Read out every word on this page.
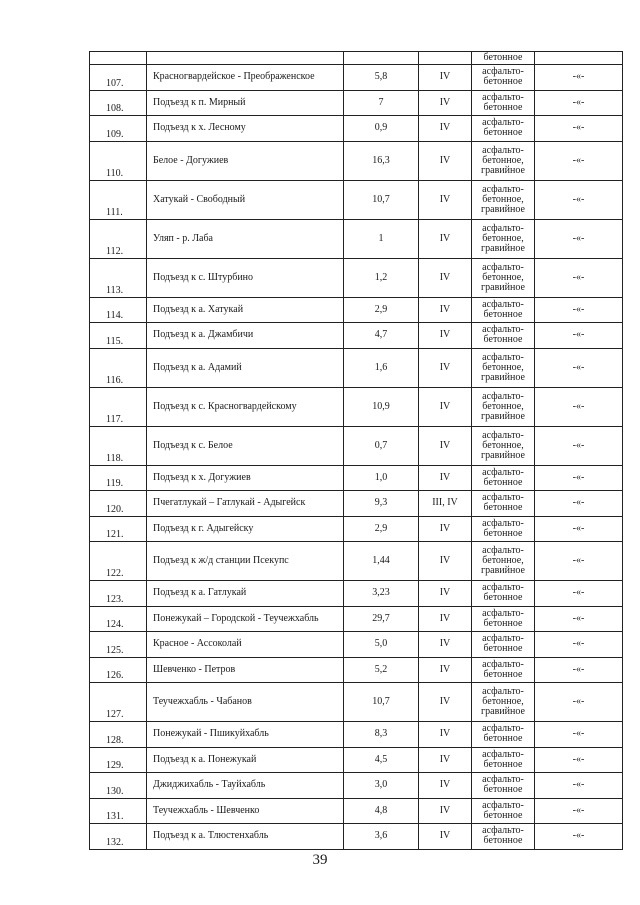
				бетонное	
107.	Красногвардейское - Преображенское	5,8	IV	асфальто-
бетонное	-«-
108.	Подъезд к п. Мирный	7	IV	асфальто-
бетонное	-«-
109.	Подъезд к х. Лесному	0,9	IV	асфальто-
бетонное	-«-
110.	Белое - Догужиев	16,3	IV	асфальто-
бетонное,
гравийное	-«-
111.	Хатукай - Свободный	10,7	IV	асфальто-
бетонное,
гравийное	-«-
112.	Уляп - р. Лаба	1	IV	асфальто-
бетонное,
гравийное	-«-
113.	Подъезд к с. Штурбино	1,2	IV	асфальто-
бетонное,
гравийное	-«-
114.	Подъезд к а. Хатукай	2,9	IV	асфальто-
бетонное	-«-
115.	Подъезд к а. Джамбичи	4,7	IV	асфальто-
бетонное	-«-
116.	Подъезд к а. Адамий	1,6	IV	асфальто-
бетонное,
гравийное	-«-
117.	Подъезд к с. Красногвардейскому	10,9	IV	асфальто-
бетонное,
гравийное	-«-
118.	Подъезд к с. Белое	0,7	IV	асфальто-
бетонное,
гравийное	-«-
119.	Подъезд к х. Догужиев	1,0	IV	асфальто-
бетонное	-«-
120.	Пчегатлукай – Гатлукай - Адыгейск	9,3	III, IV	асфальто-
бетонное	-«-
121.	Подъезд к г. Адыгейску	2,9	IV	асфальто-
бетонное	-«-
122.	Подъезд к ж/д станции Псекупс	1,44	IV	асфальто-
бетонное,
гравийное	-«-
123.	Подъезд к а. Гатлукай	3,23	IV	асфальто-
бетонное	-«-
124.	Понежукай – Городской - Теучежхабль	29,7	IV	асфальто-
бетонное	-«-
125.	Красное - Ассоколай	5,0	IV	асфальто-
бетонное	-«-
126.	Шевченко - Петров	5,2	IV	асфальто-
бетонное	-«-
127.	Теучежхабль - Чабанов	10,7	IV	асфальто-
бетонное,
гравийное	-«-
128.	Понежукай - Пшикуйхабль	8,3	IV	асфальто-
бетонное	-«-
129.	Подъезд к а. Понежукай	4,5	IV	асфальто-
бетонное	-«-
130.	Джиджихабль - Тауйхабль	3,0	IV	асфальто-
бетонное	-«-
131.	Теучежхабль - Шевченко	4,8	IV	асфальто-
бетонное	-«-
132.	Подъезд к а. Тлюстенхабль	3,6	IV	асфальто-
бетонное	-«-
39
